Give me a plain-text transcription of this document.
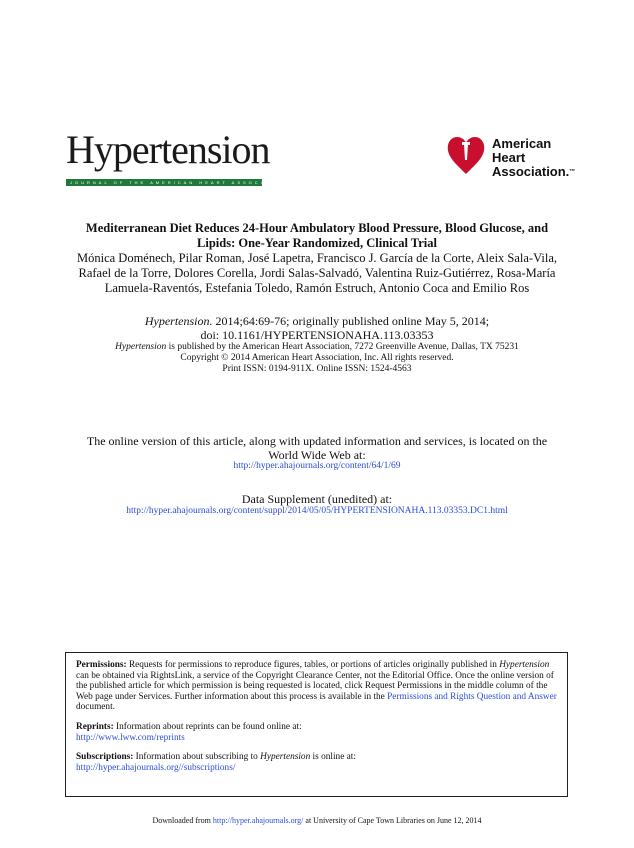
Hypertension
JOURNAL OF THE AMERICAN HEART ASSOCIATION
American
Heart
Association.™
Mediterranean Diet Reduces 24-Hour Ambulatory Blood Pressure, Blood Glucose, and
Lipids: One-Year Randomized, Clinical Trial
Mónica Doménech, Pilar Roman, José Lapetra, Francisco J. García de la Corte, Aleix Sala-Vila,
Rafael de la Torre, Dolores Corella, Jordi Salas-Salvadó, Valentina Ruiz-Gutiérrez, Rosa-María
Lamuela-Raventós, Estefania Toledo, Ramón Estruch, Antonio Coca and Emilio Ros
Hypertension. 2014;64:69-76; originally published online May 5, 2014;
doi: 10.1161/HYPERTENSIONAHA.113.03353
Hypertension is published by the American Heart Association, 7272 Greenville Avenue, Dallas, TX 75231
Copyright © 2014 American Heart Association, Inc. All rights reserved.
Print ISSN: 0194-911X. Online ISSN: 1524-4563
The online version of this article, along with updated information and services, is located on the
World Wide Web at:
http://hyper.ahajournals.org/content/64/1/69
Data Supplement (unedited) at:
http://hyper.ahajournals.org/content/suppl/2014/05/05/HYPERTENSIONAHA.113.03353.DC1.html

Permissions: Requests for permissions to reproduce figures, tables, or portions of articles originally published in Hypertension can be obtained via RightsLink, a service of the Copyright Clearance Center, not the Editorial Office. Once the online version of the published article for which permission is being requested is located, click Request Permissions in the middle column of the Web page under Services. Further information about this process is available in the Permissions and Rights Question and Answer document.

Reprints: Information about reprints can be found online at:
http://www.lww.com/reprints

Subscriptions: Information about subscribing to Hypertension is online at:
http://hyper.ahajournals.org//subscriptions/

Downloaded from http://hyper.ahajournals.org/ at University of Cape Town Libraries on June 12, 2014
